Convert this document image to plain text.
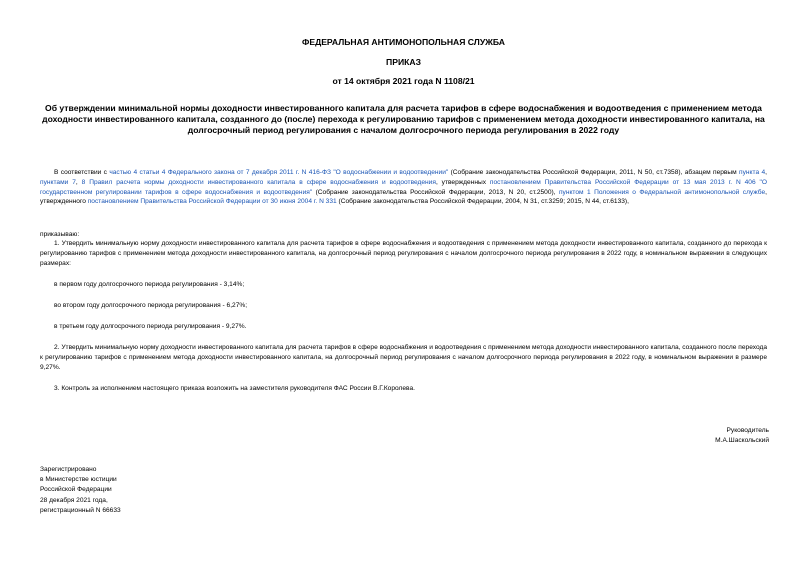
ФЕДЕРАЛЬНАЯ АНТИМОНОПОЛЬНАЯ СЛУЖБА
ПРИКАЗ
от 14 октября 2021 года N 1108/21
Об утверждении минимальной нормы доходности инвестированного капитала для расчета тарифов в сфере водоснабжения и водоотведения с применением метода доходности инвестированного капитала, созданного до (после) перехода к регулированию тарифов с применением метода доходности инвестированного капитала, на долгосрочный период регулирования с началом долгосрочного периода регулирования в 2022 году
В соответствии с частью 4 статьи 4 Федерального закона от 7 декабря 2011 г. N 416-ФЗ "О водоснабжении и водоотведении" (Собрание законодательства Российской Федерации, 2011, N 50, ст.7358), абзацем первым пункта 4, пунктами 7, 8 Правил расчета нормы доходности инвестированного капитала в сфере водоснабжения и водоотведения, утвержденных постановлением Правительства Российской Федерации от 13 мая 2013 г. N 406 "О государственном регулировании тарифов в сфере водоснабжения и водоотведения" (Собрание законодательства Российской Федерации, 2013, N 20, ст.2500), пунктом 1 Положения о Федеральной антимонопольной службе, утвержденного постановлением Правительства Российской Федерации от 30 июня 2004 г. N 331 (Собрание законодательства Российской Федерации, 2004, N 31, ст.3259; 2015, N 44, ст.6133),
приказываю:
1. Утвердить минимальную норму доходности инвестированного капитала для расчета тарифов в сфере водоснабжения и водоотведения с применением метода доходности инвестированного капитала, созданного до перехода к регулированию тарифов с применением метода доходности инвестированного капитала, на долгосрочный период регулирования с началом долгосрочного периода регулирования в 2022 году, в номинальном выражении в следующих размерах:
в первом году долгосрочного периода регулирования - 3,14%;
во втором году долгосрочного периода регулирования - 6,27%;
в третьем году долгосрочного периода регулирования - 9,27%.
2. Утвердить минимальную норму доходности инвестированного капитала для расчета тарифов в сфере водоснабжения и водоотведения с применением метода доходности инвестированного капитала, созданного после перехода к регулированию тарифов с применением метода доходности инвестированного капитала, на долгосрочный период регулирования с началом долгосрочного периода регулирования в 2022 году, в номинальном выражении в размере 9,27%.
3. Контроль за исполнением настоящего приказа возложить на заместителя руководителя ФАС России В.Г.Королева.
Руководитель
М.А.Шаскольский
Зарегистрировано
в Министерстве юстиции
Российской Федерации
28 декабря 2021 года,
регистрационный N 66633
